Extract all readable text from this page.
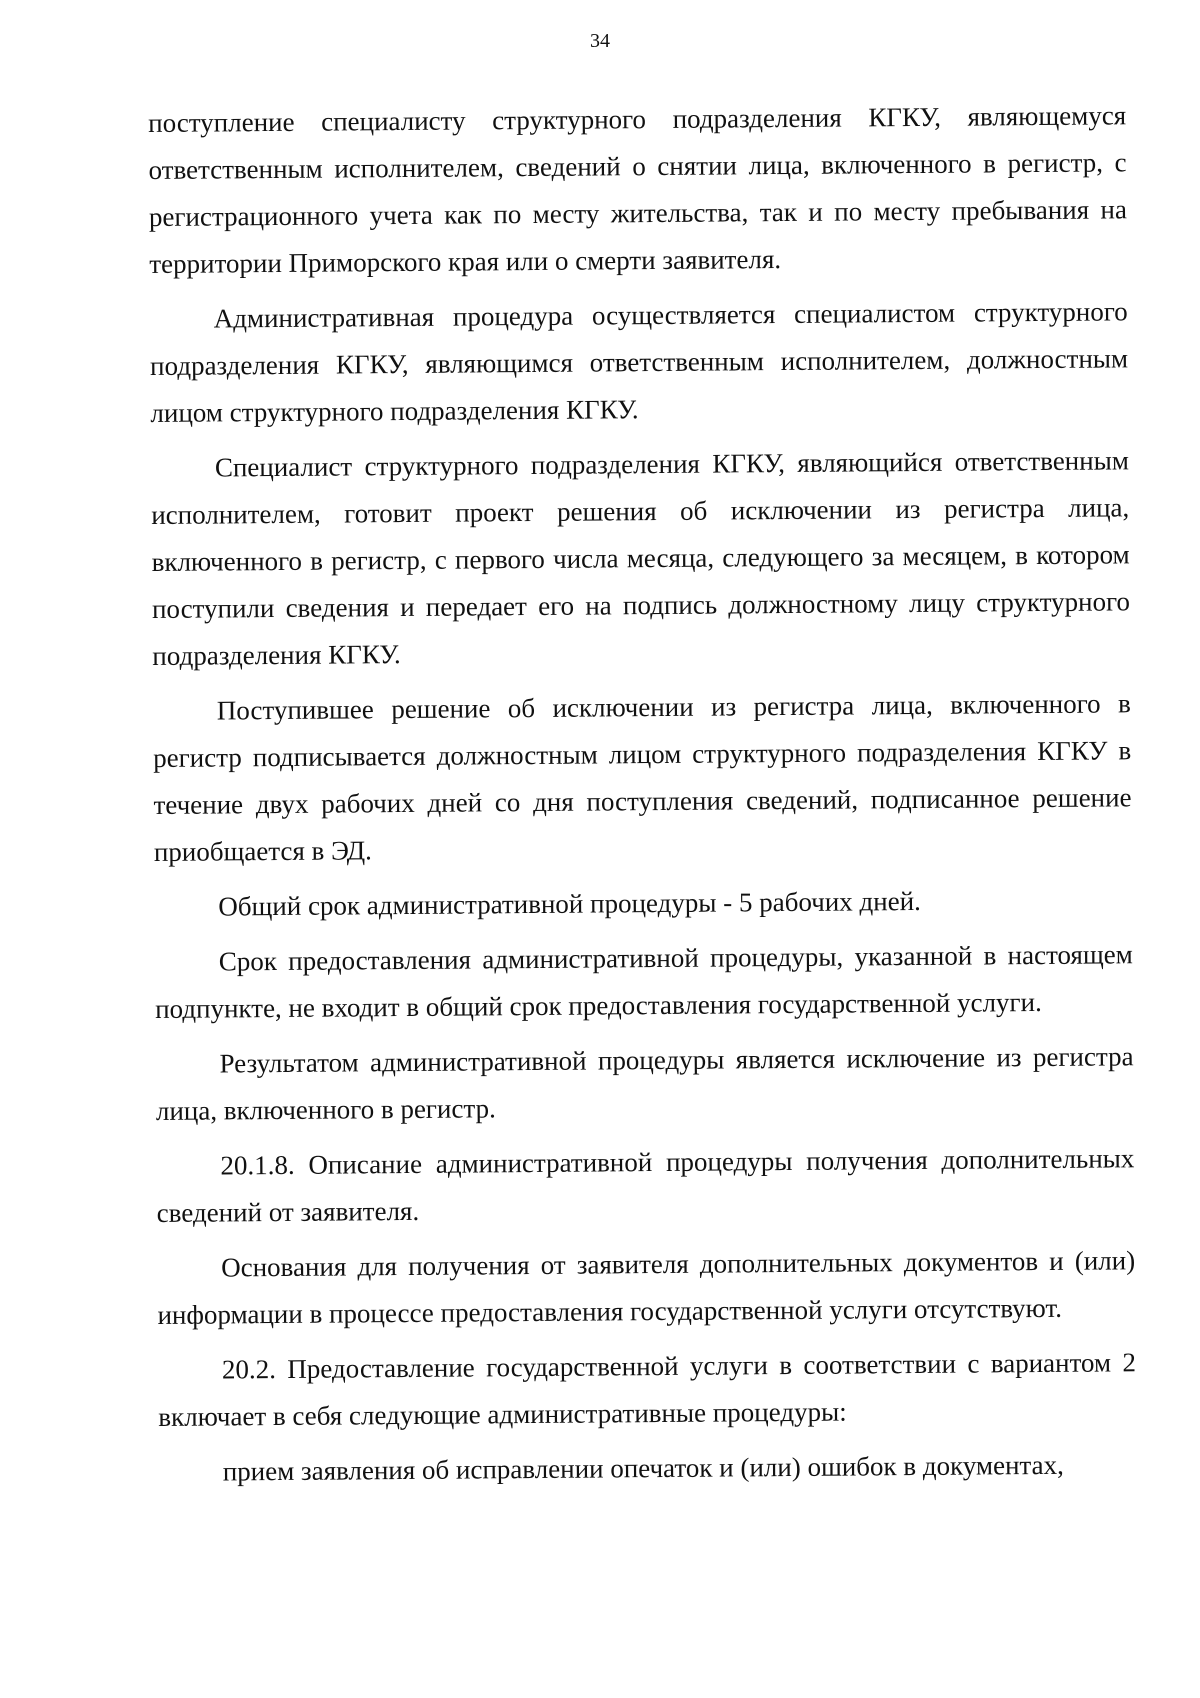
34

поступление специалисту структурного подразделения КГКУ, являющемуся ответственным исполнителем, сведений о снятии лица, включенного в регистр, с регистрационного учета как по месту жительства, так и по месту пребывания на территории Приморского края или о смерти заявителя.

Административная процедура осуществляется специалистом структурного подразделения КГКУ, являющимся ответственным исполнителем, должностным лицом структурного подразделения КГКУ.

Специалист структурного подразделения КГКУ, являющийся ответственным исполнителем, готовит проект решения об исключении из регистра лица, включенного в регистр, с первого числа месяца, следующего за месяцем, в котором поступили сведения и передает его на подпись должностному лицу структурного подразделения КГКУ.

Поступившее решение об исключении из регистра лица, включенного в регистр подписывается должностным лицом структурного подразделения КГКУ в течение двух рабочих дней со дня поступления сведений, подписанное решение приобщается в ЭД.

Общий срок административной процедуры - 5 рабочих дней.

Срок предоставления административной процедуры, указанной в настоящем подпункте, не входит в общий срок предоставления государственной услуги.

Результатом административной процедуры является исключение из регистра лица, включенного в регистр.

20.1.8. Описание административной процедуры получения дополнительных сведений от заявителя.

Основания для получения от заявителя дополнительных документов и (или) информации в процессе предоставления государственной услуги отсутствуют.

20.2. Предоставление государственной услуги в соответствии с вариантом 2 включает в себя следующие административные процедуры:

прием заявления об исправлении опечаток и (или) ошибок в документах,
